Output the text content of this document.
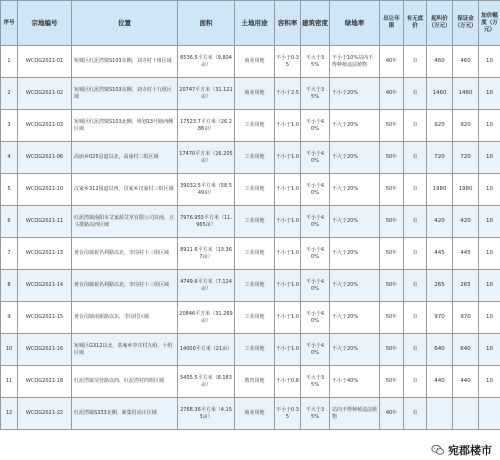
序号	宗地编号	位置	面积	土地用途	容积率	建筑密度	绿地率	出让年限	有无底价	起叫价（万元）	保证金（万元）	加价幅度（万元）
1	WCQG2021-01	宛城区红泥湾镇S103东侧，刘寺村十组区域	6536.5平方米（9.804亩）	商业用地	不小于0.35	不大于35%	不小于10%站内不得种植违法植物	40年	有	460	460	10
2	WCQG2021-02	宛城区红泥湾镇S103东侧，刘寺村十九组区域	20747平方米（31.121亩）	商业用地	不小于2.5	不大于35%	不小于20%	40年	有	1460	1460	10
3	WCQG2021-03	宛城区红泥湾镇S103北侧，规划13号路西侧区域	17523.7平方米（26.286亩）	工业用地	不小于1.0	不小于40%	不大于20%	50年	有	920	920	10
4	WCQG2021-06	高庙乡025县道以北，高庙村二组区域	17470平方米（26.205亩）	工业用地	不小于1.0	不小于40%	不大于20%	50年	有	720	720	10
5	WCQG2021-10	汉家乡312国道以西，汉家乡汉家村三组区域	39032.5平方米（58.549亩）	工业用地	不小于1.0	不小于40%	不大于20%	50年	有	1980	1980	10
6	WCQG2021-11	红泥湾镇南阳市艾家源艾草有限公司以南，五斗排路以西区域	7976.955平方米（11.965亩）	工业用地	不小于1.0	不小于40%	不大于20%	50年	有	420	420	10
7	WCQG2021-13	黄台岗镇祝名利路以北，李岗村十三组区域	8911.6平方米（13.367亩）	工业用地	不小于1.0	不小于40%	不大于20%	50年	有	445	445	10
8	WCQG2021-14	黄台岗镇祝名利路以北，李岗村十三组区域	4749.6平方米（7.124亩）	工业用地	不小于1.0	不小于40%	不大于20%	50年	有	265	265	10
9	WCQG2021-15	黄台岗镇南新路以东，李岗村区域	20846平方米（31.269亩）	工业用地	不小于1.0	不小于40%	不大于20%	50年	有	970	970	10
10	WCQG2021-16	宛城区G312以北，茶庵乡李庄村九组、十组区域	14000平方米（21亩）	工业用地	不小于1.0	不小于40%	不大于20%	50年	有	640	640	10
11	WCQG2021-18	红泥湾镇吴营路以西，红泥湾村四组区域	5455.5平方米（8.183亩）	教育用地	不小于0.8	不大于35%	不小于40%	50年	有	440	440	10
12	WCQG2021-22	红泥湾镇S333北侧，新集村高庄区域	2768.36平方米（4.153亩）	商业用地	不小于0.35	不大于35%	站内不得种植违法植物	40年	有			
宛郡楼市
